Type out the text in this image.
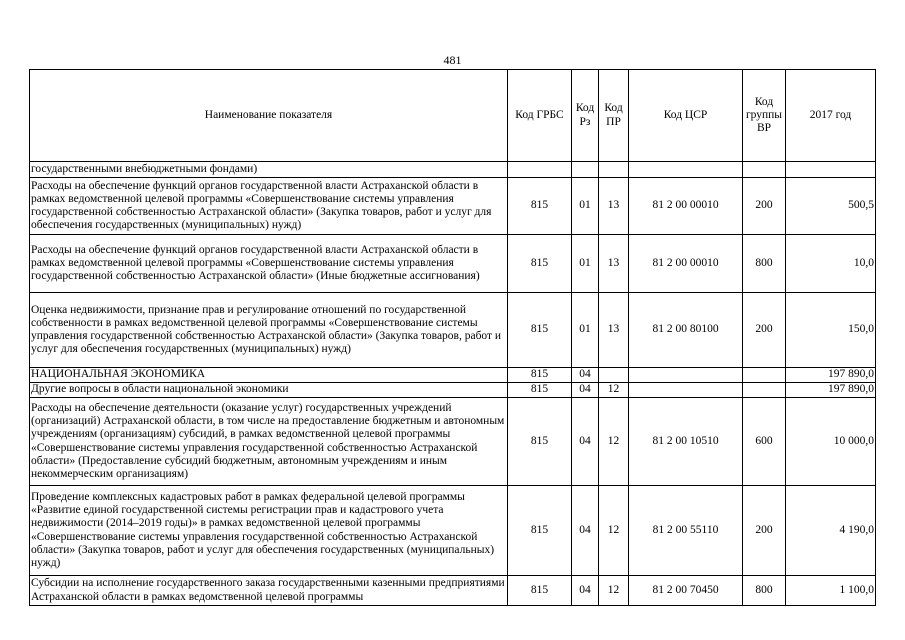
481
Наименование показателя	Код ГРБС	Код Рз	Код ПР	Код ЦСР	Код группы ВР	2017 год
государственными внебюджетными фондами)						
Расходы на обеспечение функций органов государственной власти Астраханской области в рамках ведомственной целевой программы «Совершенствование системы управления государственной собственностью Астраханской области» (Закупка товаров, работ и услуг для обеспечения государственных (муниципальных) нужд)	815	01	13	81 2 00 00010	200	500,5
Расходы на обеспечение функций органов государственной власти Астраханской области в рамках ведомственной целевой программы «Совершенствование системы управления государственной собственностью Астраханской области» (Иные бюджетные ассигнования)	815	01	13	81 2 00 00010	800	10,0
Оценка недвижимости, признание прав и регулирование отношений по государственной собственности в рамках ведомственной целевой программы «Совершенствование системы управления государственной собственностью Астраханской области» (Закупка товаров, работ и услуг для обеспечения государственных (муниципальных) нужд)	815	01	13	81 2 00 80100	200	150,0
НАЦИОНАЛЬНАЯ ЭКОНОМИКА	815	04				197 890,0
Другие вопросы в области национальной экономики	815	04	12			197 890,0
Расходы на обеспечение деятельности (оказание услуг) государственных учреждений (организаций) Астраханской области, в том числе на предоставление бюджетным и автономным учреждениям (организациям) субсидий, в рамках ведомственной целевой программы «Совершенствование системы управления государственной собственностью Астраханской области» (Предоставление субсидий бюджетным, автономным учреждениям и иным некоммерческим организациям)	815	04	12	81 2 00 10510	600	10 000,0
Проведение комплексных кадастровых работ в рамках федеральной целевой программы «Развитие единой государственной системы регистрации прав и кадастрового учета недвижимости (2014–2019 годы)» в рамках ведомственной целевой программы «Совершенствование системы управления государственной собственностью Астраханской области» (Закупка товаров, работ и услуг для обеспечения государственных (муниципальных) нужд)	815	04	12	81 2 00 55110	200	4 190,0
Субсидии на исполнение государственного заказа государственными казенными предприятиями Астраханской области в рамках ведомственной целевой программы	815	04	12	81 2 00 70450	800	1 100,0
